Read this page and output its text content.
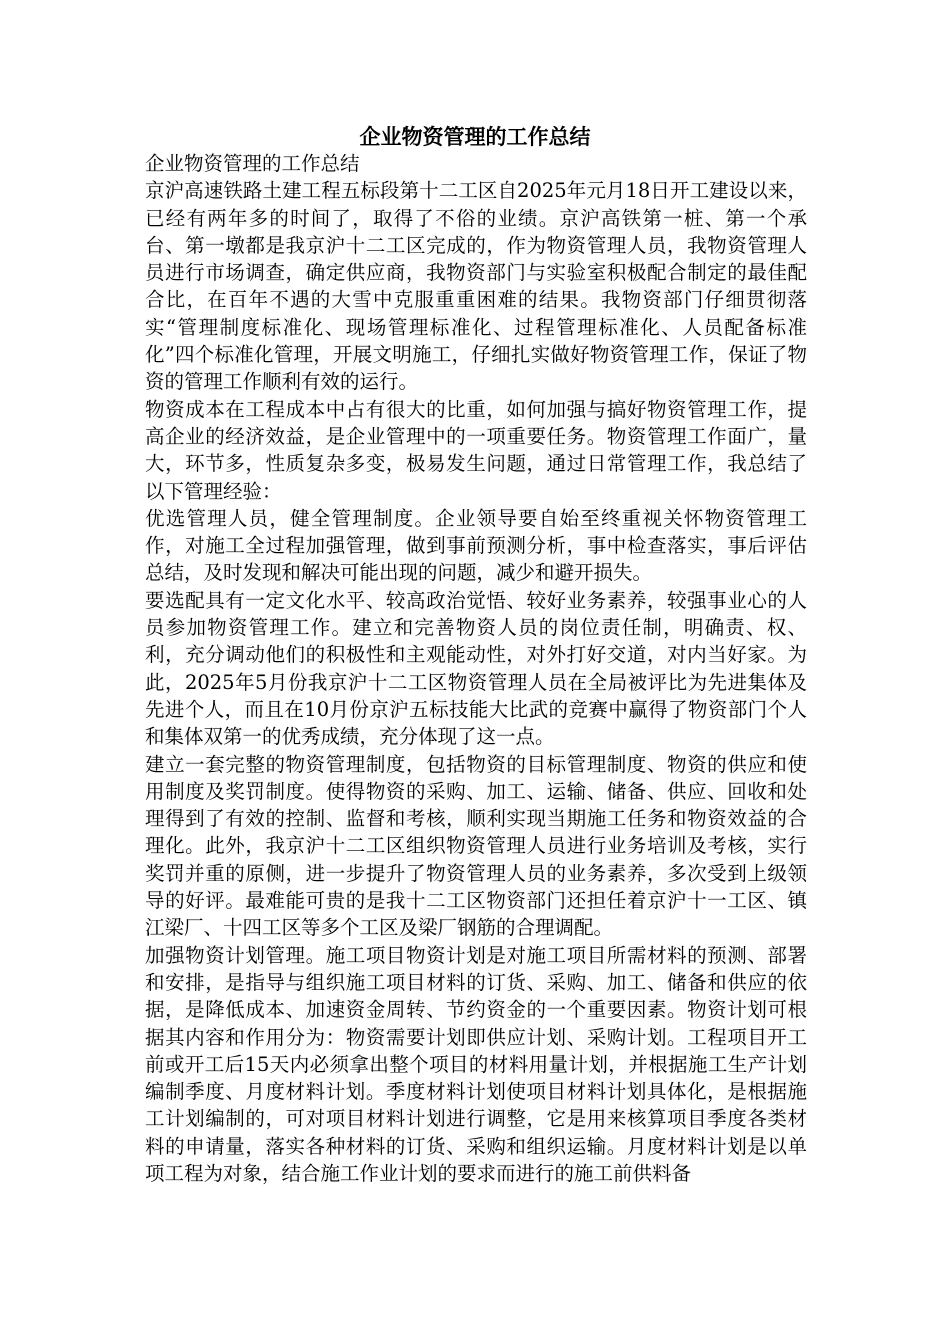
企业物资管理的工作总结

企业物资管理的工作总结

京沪高速铁路土建工程五标段第十二工区自2025年元月18日开工建设以来，已经有两年多的时间了，取得了不俗的业绩。京沪高铁第一桩、第一个承台、第一墩都是我京沪十二工区完成的，作为物资管理人员，我物资管理人员进行市场调查，确定供应商，我物资部门与实验室积极配合制定的最佳配合比，在百年不遇的大雪中克服重重困难的结果。我物资部门仔细贯彻落实“管理制度标准化、现场管理标准化、过程管理标准化、人员配备标准化”四个标准化管理，开展文明施工，仔细扎实做好物资管理工作，保证了物资的管理工作顺利有效的运行。

物资成本在工程成本中占有很大的比重，如何加强与搞好物资管理工作，提高企业的经济效益，是企业管理中的一项重要任务。物资管理工作面广，量大，环节多，性质复杂多变，极易发生问题，通过日常管理工作，我总结了以下管理经验：

优选管理人员，健全管理制度。企业领导要自始至终重视关怀物资管理工作，对施工全过程加强管理，做到事前预测分析，事中检查落实，事后评估总结，及时发现和解决可能出现的问题，减少和避开损失。

要选配具有一定文化水平、较高政治觉悟、较好业务素养，较强事业心的人员参加物资管理工作。建立和完善物资人员的岗位责任制，明确责、权、利，充分调动他们的积极性和主观能动性，对外打好交道，对内当好家。为此，2025年5月份我京沪十二工区物资管理人员在全局被评比为先进集体及先进个人，而且在10月份京沪五标技能大比武的竞赛中赢得了物资部门个人和集体双第一的优秀成绩，充分体现了这一点。

建立一套完整的物资管理制度，包括物资的目标管理制度、物资的供应和使用制度及奖罚制度。使得物资的采购、加工、运输、储备、供应、回收和处理得到了有效的控制、监督和考核，顺利实现当期施工任务和物资效益的合理化。此外，我京沪十二工区组织物资管理人员进行业务培训及考核，实行奖罚并重的原侧，进一步提升了物资管理人员的业务素养，多次受到上级领导的好评。最难能可贵的是我十二工区物资部门还担任着京沪十一工区、镇江梁厂、十四工区等多个工区及梁厂钢筋的合理调配。

加强物资计划管理。施工项目物资计划是对施工项目所需材料的预测、部署和安排，是指导与组织施工项目材料的订货、采购、加工、储备和供应的依据，是降低成本、加速资金周转、节约资金的一个重要因素。物资计划可根据其内容和作用分为：物资需要计划即供应计划、采购计划。工程项目开工前或开工后15天内必须拿出整个项目的材料用量计划，并根据施工生产计划编制季度、月度材料计划。季度材料计划使项目材料计划具体化，是根据施工计划编制的，可对项目材料计划进行调整，它是用来核算项目季度各类材料的申请量，落实各种材料的订货、采购和组织运输。月度材料计划是以单项工程为对象，结合施工作业计划的要求而进行的施工前供料备
